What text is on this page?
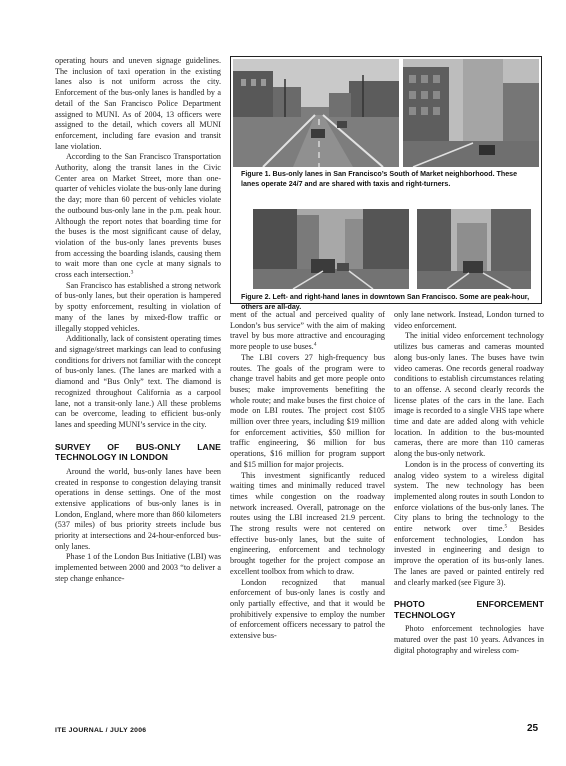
operating hours and uneven signage guidelines. The inclusion of taxi operation in the existing lanes also is not uniform across the city. Enforcement of the bus-only lanes is handled by a detail of the San Francisco Police Department assigned to MUNI. As of 2004, 13 officers were assigned to the detail, which covers all MUNI enforcement, including fare evasion and transit lane violation.

According to the San Francisco Transportation Authority, along the transit lanes in the Civic Center area on Market Street, more than one-quarter of vehicles violate the bus-only lane during the day; more than 60 percent of vehicles violate the outbound bus-only lane in the p.m. peak hour. Although the report notes that boarding time for the buses is the most significant cause of delay, violation of the bus-only lanes prevents buses from accessing the boarding islands, causing them to wait more than one cycle at many signals to cross each intersection.$^3$

San Francisco has established a strong network of bus-only lanes, but their operation is hampered by spotty enforcement, resulting in violation of many of the lanes by mixed-flow traffic or illegally stopped vehicles.

Additionally, lack of consistent operating times and signage/street markings can lead to confusing conditions for drivers not familiar with the concept of bus-only lanes. (The lanes are marked with a diamond and “Bus Only” text. The diamond is recognized throughout California as a carpool lane, not a transit-only lane.) All these problems can be overcome, leading to efficient bus-only lanes and speeding MUNI’s service in the city.

SURVEY OF BUS-ONLY LANE TECHNOLOGY IN LONDON

Around the world, bus-only lanes have been created in response to congestion delaying transit operations in dense settings. One of the most extensive applications of bus-only lanes is in London, England, where more than 860 kilometers (537 miles) of bus priority streets include bus priority at intersections and 24-hour-enforced bus-only lanes.

Phase 1 of the London Bus Initiative (LBI) was implemented between 2000 and 2003 “to deliver a step change enhance-

Figure 1. Bus-only lanes in San Francisco’s South of Market neighborhood. These lanes operate 24/7 and are shared with taxis and right-turners.
Figure 2. Left- and right-hand lanes in downtown San Francisco. Some are peak-hour, others are all-day.

ment of the actual and perceived quality of London’s bus service” with the aim of making travel by bus more attractive and encouraging more people to use buses.$^4$

The LBI covers 27 high-frequency bus routes. The goals of the program were to change travel habits and get more people onto buses; make improvements benefiting the whole route; and make buses the first choice of mode on LBI routes. The project cost $105 million over three years, including $19 million for enforcement activities, $50 million for traffic engineering, $6 million for bus operations, $16 million for program support and $15 million for major projects.

This investment significantly reduced waiting times and minimally reduced travel times while congestion on the roadway network increased. Overall, patronage on the routes using the LBI increased 21.9 percent. The strong results were not centered on effective bus-only lanes, but the suite of engineering, enforcement and technology brought together for the project compose an excellent toolbox from which to draw.

London recognized that manual enforcement of bus-only lanes is costly and only partially effective, and that it would be prohibitively expensive to employ the number of enforcement officers necessary to patrol the extensive bus-

only lane network. Instead, London turned to video enforcement.

The initial video enforcement technology utilizes bus cameras and cameras mounted along bus-only lanes. The buses have twin video cameras. One records general roadway conditions to establish circumstances relating to an offense. A second clearly records the license plates of the cars in the lane. Each image is recorded to a single VHS tape where time and date are added along with vehicle location. In addition to the bus-mounted cameras, there are more than 110 cameras along the bus-only network.

London is in the process of converting its analog video system to a wireless digital system. The new technology has been implemented along routes in south London to enforce violations of the bus-only lanes. The City plans to bring the technology to the entire network over time.$^5$ Besides enforcement technologies, London has invested in engineering and design to improve the operation of its bus-only lanes. The lanes are paved or painted entirely red and clearly marked (see Figure 3).

PHOTO ENFORCEMENT TECHNOLOGY

Photo enforcement technologies have matured over the past 10 years. Advances in digital photography and wireless com-

ITE JOURNAL / JULY 2006	25
